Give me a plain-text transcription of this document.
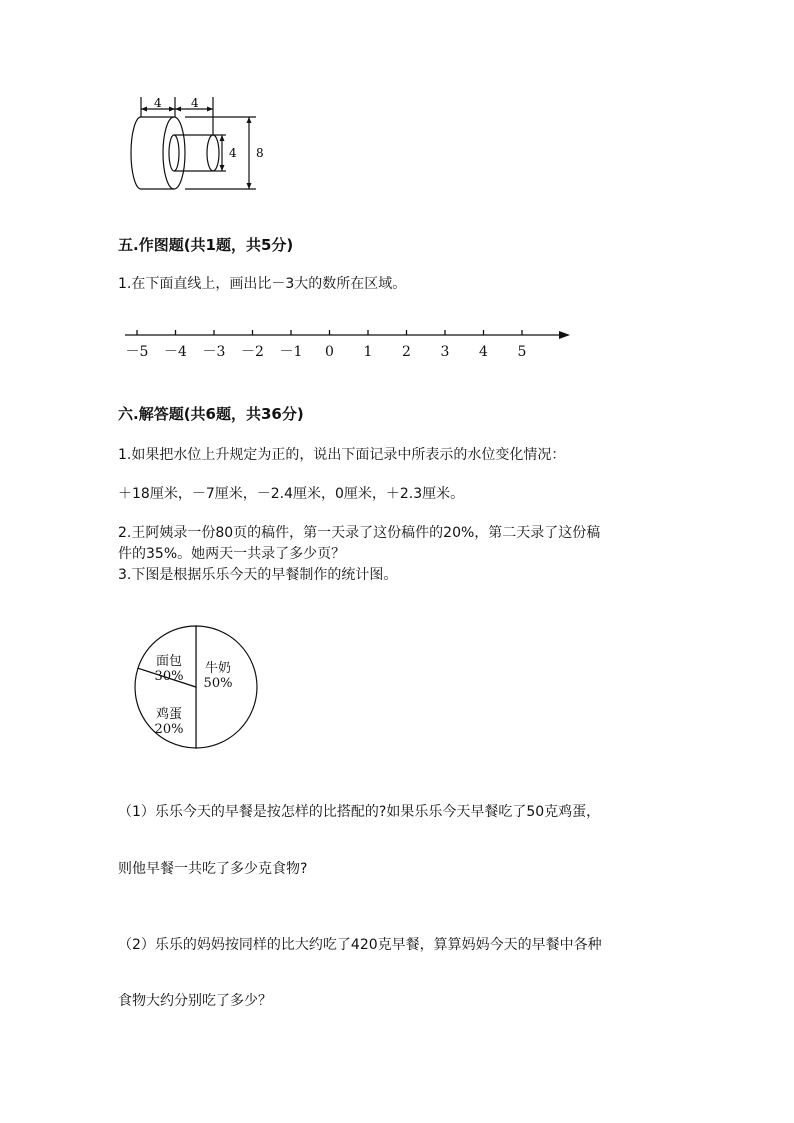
4 4
4 8
五.作图题(共1题，共5分)
1.在下面直线上，画出比－3大的数所在区域。
－5 －4 －3 －2 －1 0 1 2 3 4 5
六.解答题(共6题，共36分)
1.如果把水位上升规定为正的，说出下面记录中所表示的水位变化情况：
＋18厘米，－7厘米，－2.4厘米，0厘米，＋2.3厘米。
2.王阿姨录一份80页的稿件，第一天录了这份稿件的20%，第二天录了这份稿
件的35%。她两天一共录了多少页？
3.下图是根据乐乐今天的早餐制作的统计图。
牛奶
50%
面包
30%
鸡蛋
20%
（1）乐乐今天的早餐是按怎样的比搭配的?如果乐乐今天早餐吃了50克鸡蛋，
则他早餐一共吃了多少克食物?
（2）乐乐的妈妈按同样的比大约吃了420克早餐，算算妈妈今天的早餐中各种
食物大约分别吃了多少？
